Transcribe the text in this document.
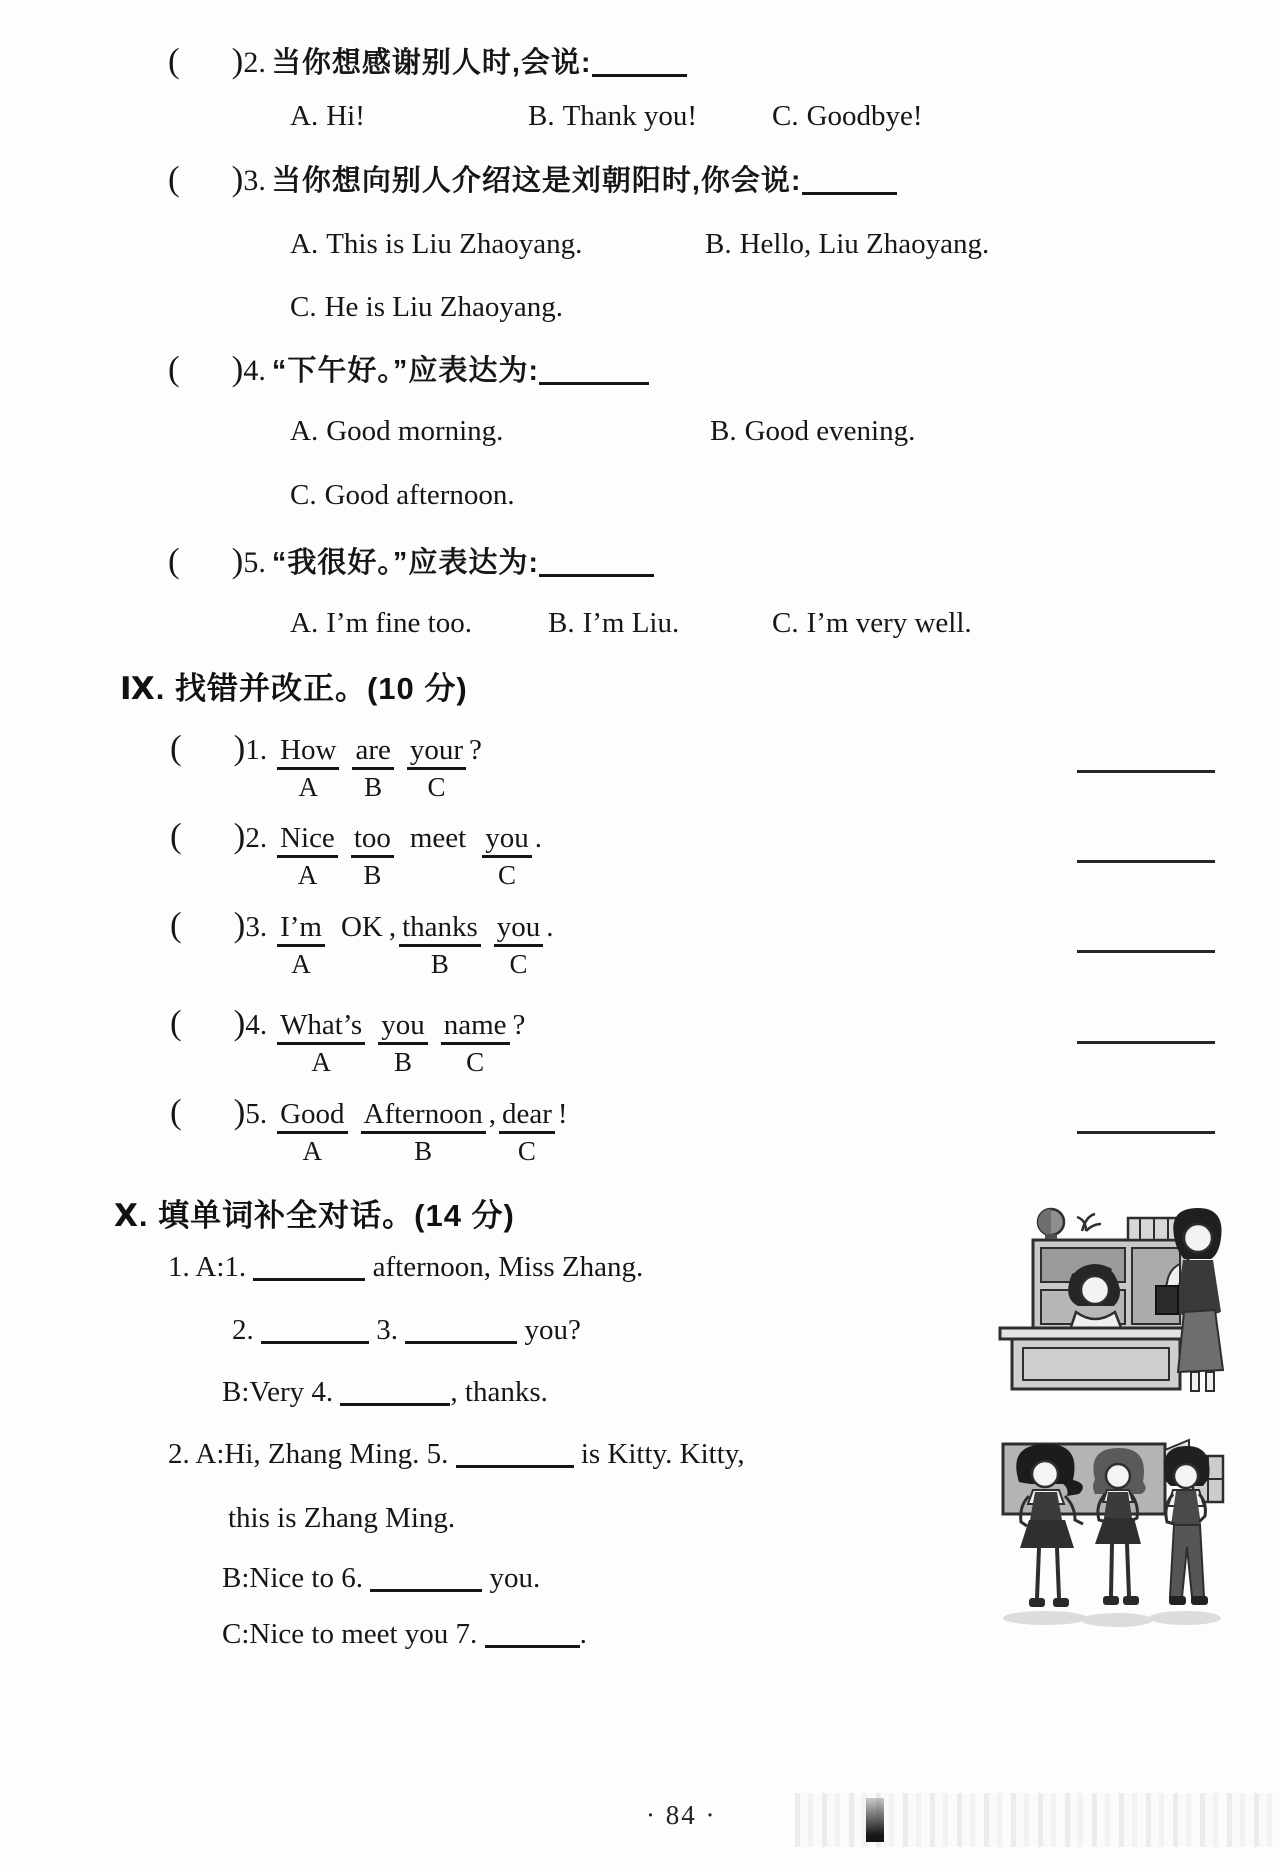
( )2. 当你想感谢别人时,会说:
A. Hi!	B. Thank you!	C. Goodbye!
( )3. 当你想向别人介绍这是刘朝阳时,你会说:
A. This is Liu Zhaoyang.	B. Hello, Liu Zhaoyang.
C. He is Liu Zhaoyang.
( )4. “下午好。”应表达为:
A. Good morning.	B. Good evening.
C. Good afternoon.
( )5. “我很好。”应表达为:
A. I’m fine too.	B. I’m Liu.	C. I’m very well.
Ⅸ. 找错并改正。(10 分)
( )1. How
A
are
B
your
C
?
( )2. Nice
A
too
B
meet you
C
.
( )3. $\frac{I’m}{A}$ OK , thanks
B
you
C
.
( )4. What’s
A
you
B
name
C
?
( )5. Good
A
Afternoon
B
, dear
C
!
Ⅹ. 填单词补全对话。(14 分)
1. A:1.	afternoon, Miss Zhang.
2.	3.	you?
B:Very 4.	, thanks.
2. A:Hi, Zhang Ming. 5.	is Kitty. Kitty,
this is Zhang Ming.
B:Nice to 6.	you.
C:Nice to meet you 7.	.
· 84 ·
